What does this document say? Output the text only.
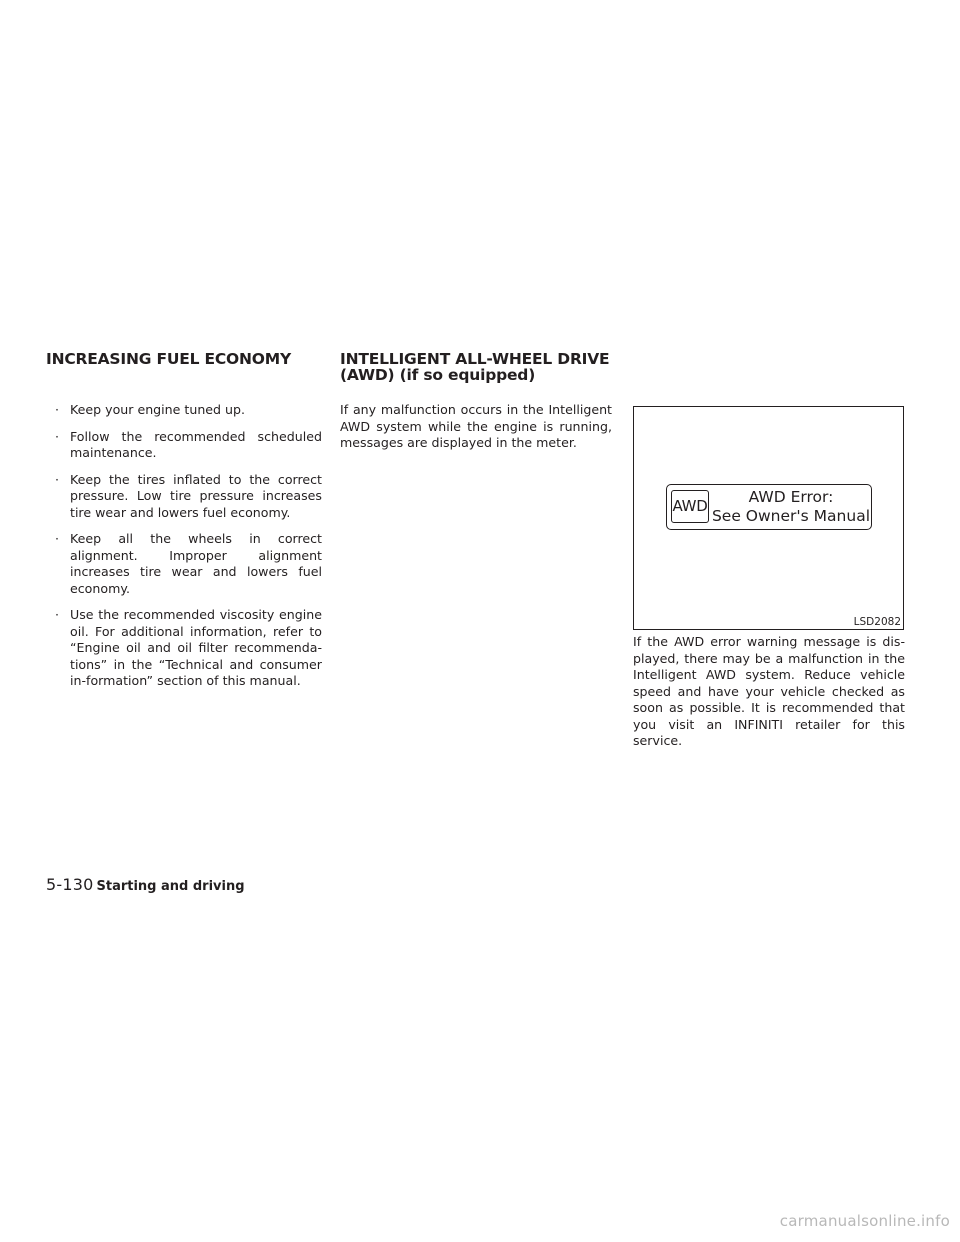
INCREASING FUEL ECONOMY	INTELLIGENT ALL-WHEEL DRIVE
(AWD) (if so equipped)
· Keep your engine tuned up.
· Follow the recommended scheduled maintenance.
· Keep the tires inflated to the correct pressure. Low tire pressure increases tire wear and lowers fuel economy.
· Keep all the wheels in correct alignment. Improper alignment increases tire wear and lowers fuel economy.
· Use the recommended viscosity engine oil. For additional information, refer to “Engine oil and oil filter recommenda-tions” in the “Technical and consumer in-formation” section of this manual.

If any malfunction occurs in the Intelligent AWD system while the engine is running, messages are displayed in the meter.

AWD	AWD Error:
See Owner's Manual
LSD2082

If the AWD error warning message is dis-played, there may be a malfunction in the Intelligent AWD system. Reduce vehicle speed and have your vehicle checked as soon as possible. It is recommended that you visit an INFINITI retailer for this service.

5-130 Starting and driving
carmanualsonline.info
